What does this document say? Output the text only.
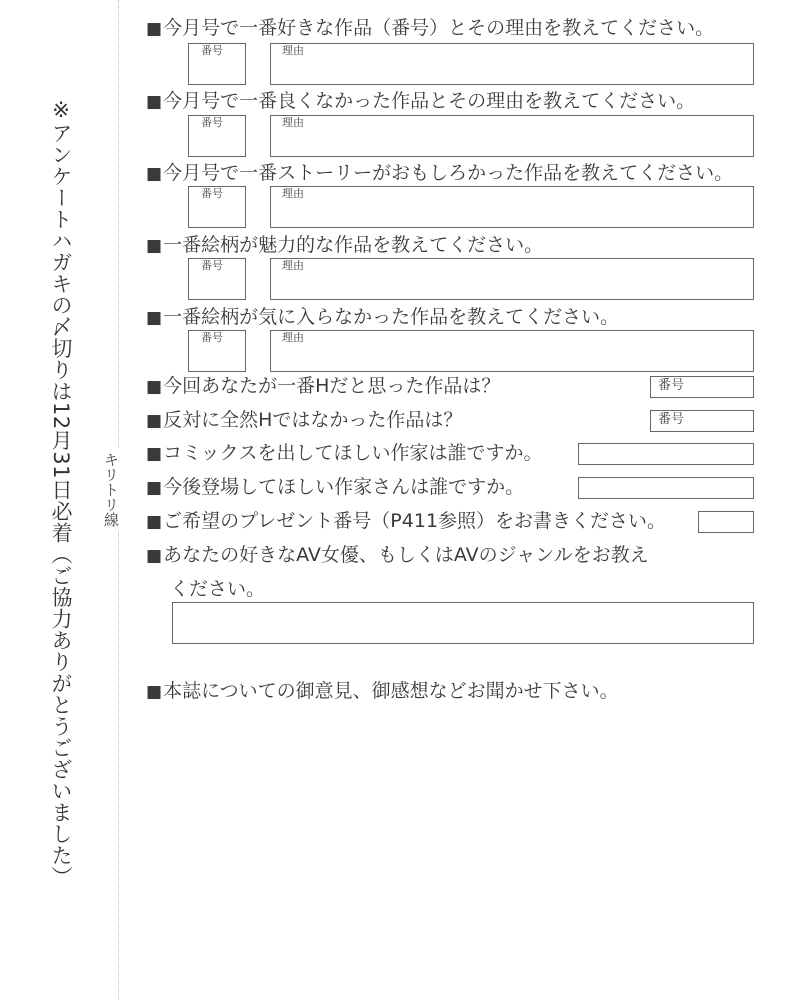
※アンケートハガキの〆切りは12月31日必着（ご協力ありがとうございました） キリトリ線
■今月号で一番好きな作品（番号）とその理由を教えてください。
番号	理由
■今月号で一番良くなかった作品とその理由を教えてください。
番号	理由
■今月号で一番ストーリーがおもしろかった作品を教えてください。
番号	理由
■一番絵柄が魅力的な作品を教えてください。
番号	理由
■一番絵柄が気に入らなかった作品を教えてください。
番号	理由
■今回あなたが一番Hだと思った作品は？	番号
■反対に全然Hではなかった作品は？	番号
■コミックスを出してほしい作家は誰ですか。
■今後登場してほしい作家さんは誰ですか。
■ご希望のプレゼント番号（P411参照）をお書きください。
■あなたの好きなAV女優、もしくはAVのジャンルをお教え
ください。
■本誌についての御意見、御感想などお聞かせ下さい。
